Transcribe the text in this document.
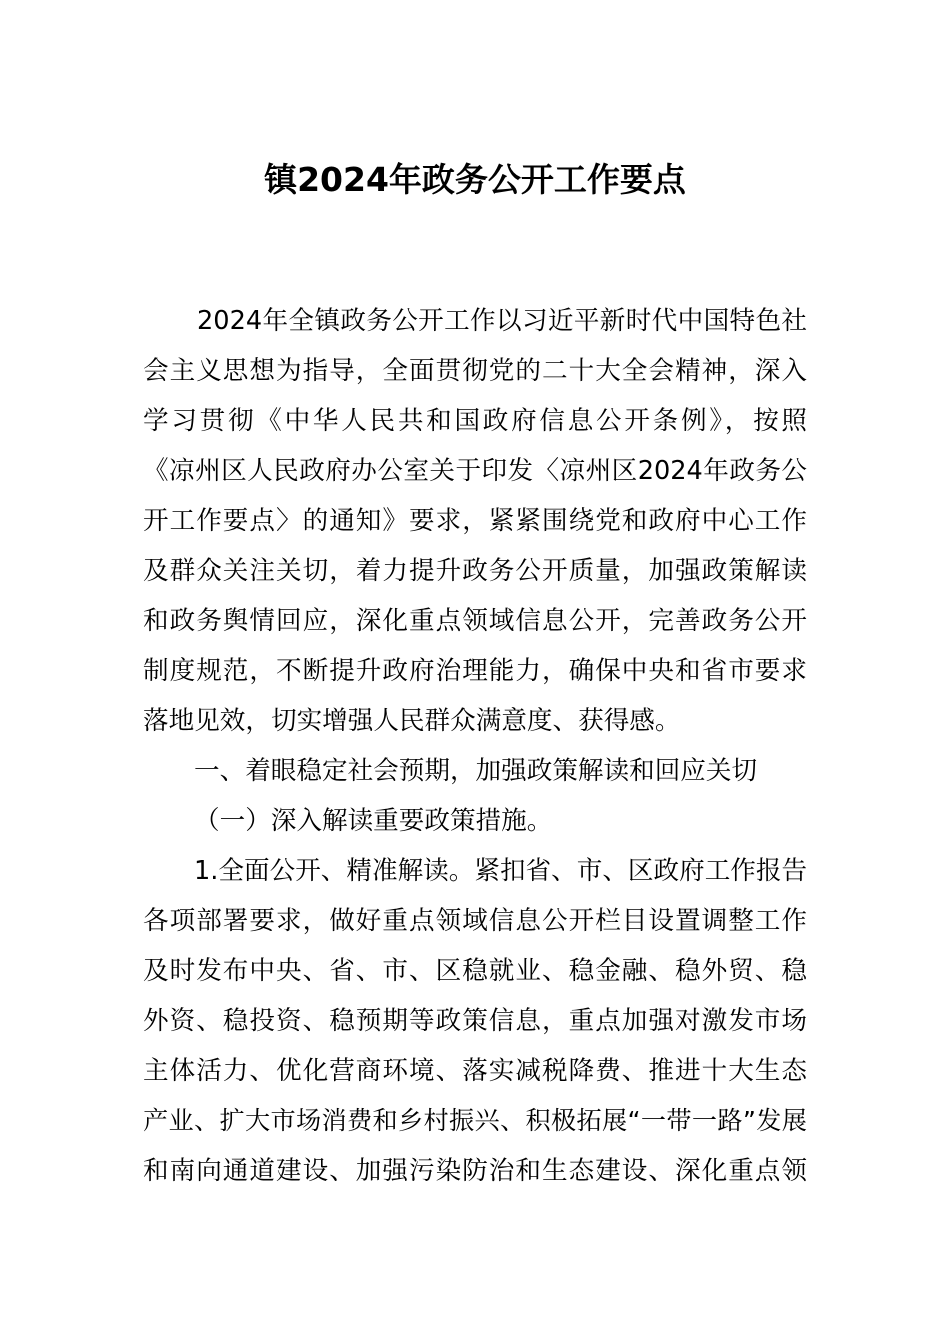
镇2024年政务公开工作要点
2024年全镇政务公开工作以习近平新时代中国特色社
会主义思想为指导，全面贯彻党的二十大全会精神，深入
学习贯彻《中华人民共和国政府信息公开条例》，按照
《凉州区人民政府办公室关于印发〈凉州区2024年政务公
开工作要点〉的通知》要求，紧紧围绕党和政府中心工作
及群众关注关切，着力提升政务公开质量，加强政策解读
和政务舆情回应，深化重点领域信息公开，完善政务公开
制度规范，不断提升政府治理能力，确保中央和省市要求
落地见效，切实增强人民群众满意度、获得感。
一、着眼稳定社会预期，加强政策解读和回应关切
（一）深入解读重要政策措施。
1.全面公开、精准解读。紧扣省、市、区政府工作报告
各项部署要求，做好重点领域信息公开栏目设置调整工作
及时发布中央、省、市、区稳就业、稳金融、稳外贸、稳
外资、稳投资、稳预期等政策信息，重点加强对激发市场
主体活力、优化营商环境、落实减税降费、推进十大生态
产业、扩大市场消费和乡村振兴、积极拓展“一带一路”发展
和南向通道建设、加强污染防治和生态建设、深化重点领
